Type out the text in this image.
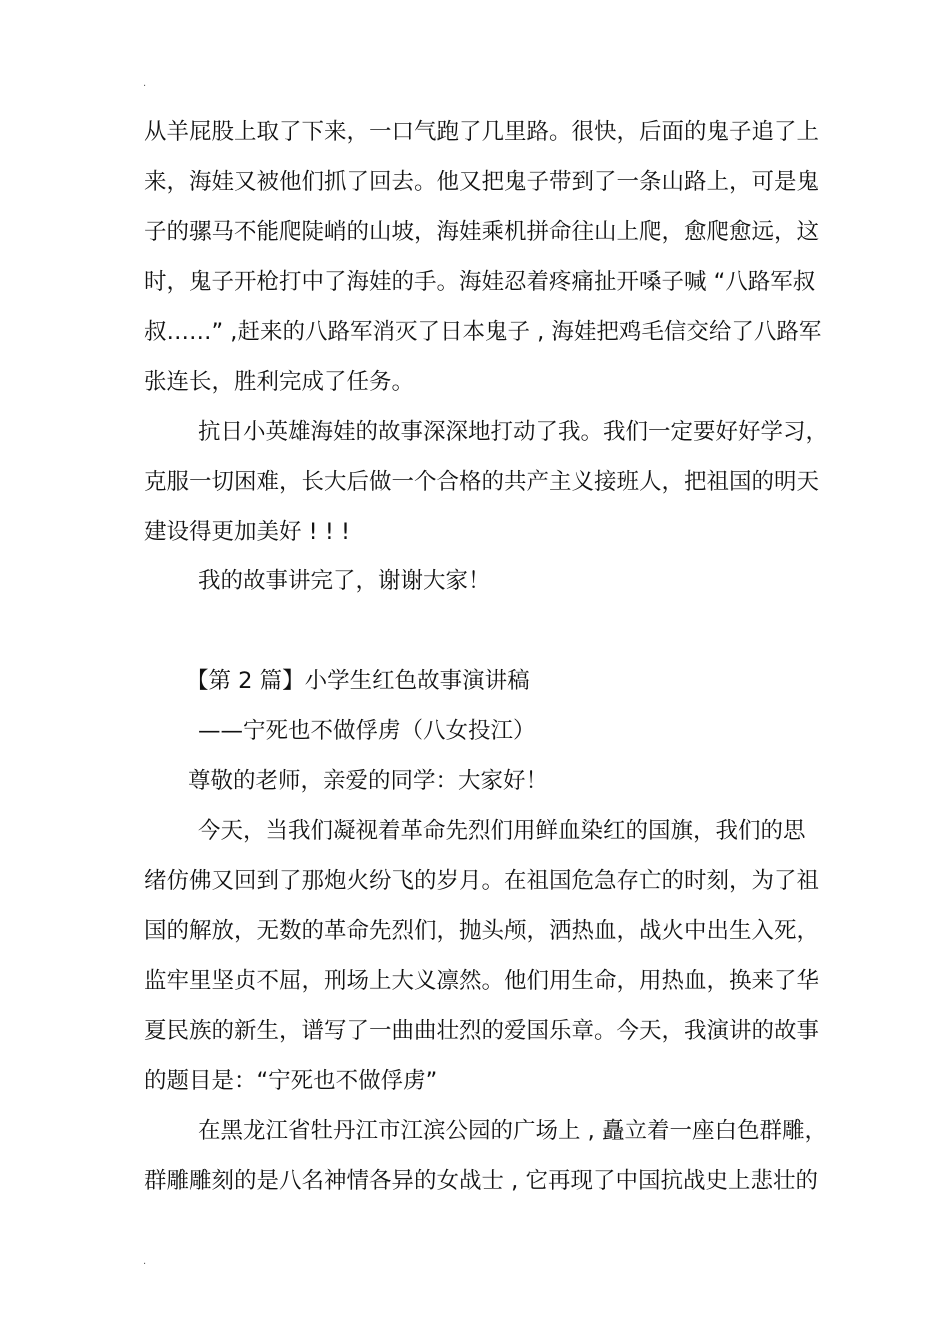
.
从羊屁股上取了下来，一口气跑了几里路。很快，后面的鬼子追了上
来，海娃又被他们抓了回去。他又把鬼子带到了一条山路上，可是鬼
子的骡马不能爬陡峭的山坡，海娃乘机拼命往山上爬，愈爬愈远，这
时，鬼子开枪打中了海娃的手。海娃忍着疼痛扯开嗓子喊 “八路军叔
叔……” ,赶来的八路军消灭了日本鬼子 , 海娃把鸡毛信交给了八路军
张连长，胜利完成了任务。
抗日小英雄海娃的故事深深地打动了我。我们一定要好好学习，
克服一切困难，长大后做一个合格的共产主义接班人，把祖国的明天
建设得更加美好 ! ! !
我的故事讲完了，谢谢大家！
【第 2 篇】小学生红色故事演讲稿
——宁死也不做俘虏（八女投江）
尊敬的老师，亲爱的同学：大家好！
今天，当我们凝视着革命先烈们用鲜血染红的国旗，我们的思
绪仿佛又回到了那炮火纷飞的岁月。在祖国危急存亡的时刻，为了祖
国的解放，无数的革命先烈们，抛头颅，洒热血，战火中出生入死，
监牢里坚贞不屈，刑场上大义凛然。他们用生命，用热血，换来了华
夏民族的新生，谱写了一曲曲壮烈的爱国乐章。今天，我演讲的故事
的题目是：“宁死也不做俘虏”
在黑龙江省牡丹江市江滨公园的广场上 , 矗立着一座白色群雕，
群雕雕刻的是八名神情各异的女战士 , 它再现了中国抗战史上悲壮的
.
